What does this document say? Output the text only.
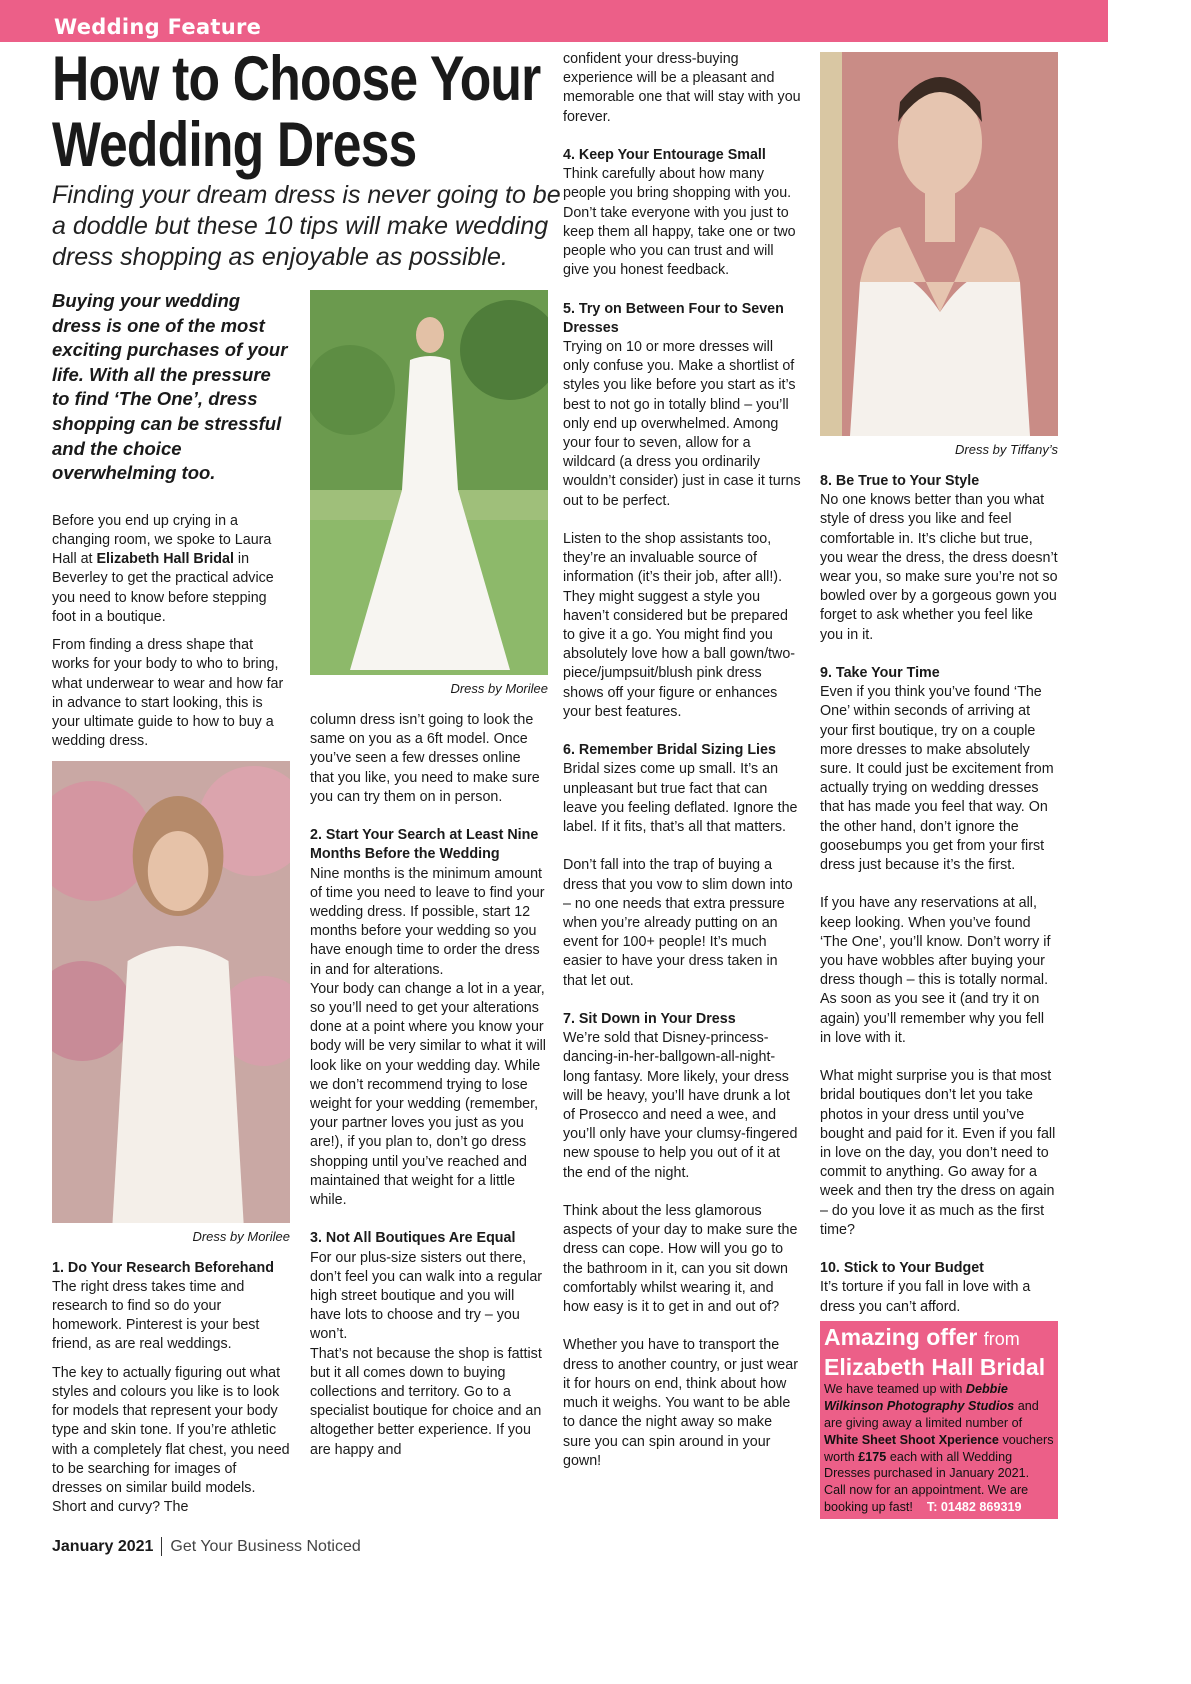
Wedding Feature
How to Choose Your
Wedding Dress
Finding your dream dress is never going to be a doddle but these 10 tips will make wedding dress shopping as enjoyable as possible.

Buying your wedding dress is one of the most exciting purchases of your life. With all the pressure to find ‘The One’, dress shopping can be stressful and the choice overwhelming too.

Before you end up crying in a changing room, we spoke to Laura Hall at Elizabeth Hall Bridal in Beverley to get the practical advice you need to know before stepping foot in a boutique.

From finding a dress shape that works for your body to who to bring, what underwear to wear and how far in advance to start looking, this is your ultimate guide to how to buy a wedding dress.

Dress by Morilee
1. Do Your Research Beforehand

The right dress takes time and research to find so do your homework. Pinterest is your best friend, as are real weddings.

The key to actually figuring out what styles and colours you like is to look for models that represent your body type and skin tone. If you’re athletic with a completely flat chest, you need to be searching for images of dresses on similar build models. Short and curvy? The

Dress by Morilee

column dress isn’t going to look the same on you as a 6ft model. Once you’ve seen a few dresses online that you like, you need to make sure you can try them on in person.

2. Start Your Search at Least Nine Months Before the Wedding

Nine months is the minimum amount of time you need to leave to find your wedding dress. If possible, start 12 months before your wedding so you have enough time to order the dress in and for alterations.

Your body can change a lot in a year, so you’ll need to get your alterations done at a point where you know your body will be very similar to what it will look like on your wedding day. While we don’t recommend trying to lose weight for your wedding (remember, your partner loves you just as you are!), if you plan to, don’t go dress shopping until you’ve reached and maintained that weight for a little while.

3. Not All Boutiques Are Equal

For our plus-size sisters out there, don’t feel you can walk into a regular high street boutique and you will have lots to choose and try – you won’t.

That’s not because the shop is fattist but it all comes down to buying collections and territory. Go to a specialist boutique for choice and an altogether better experience. If you are happy and

confident your dress-buying experience will be a pleasant and memorable one that will stay with you forever.

4. Keep Your Entourage Small

Think carefully about how many people you bring shopping with you. Don’t take everyone with you just to keep them all happy, take one or two people who you can trust and will give you honest feedback.

5. Try on Between Four to Seven Dresses

Trying on 10 or more dresses will only confuse you. Make a shortlist of styles you like before you start as it’s best to not go in totally blind – you’ll only end up overwhelmed. Among your four to seven, allow for a wildcard (a dress you ordinarily wouldn’t consider) just in case it turns out to be perfect.

Listen to the shop assistants too, they’re an invaluable source of information (it’s their job, after all!). They might suggest a style you haven’t considered but be prepared to give it a go. You might find you absolutely love how a ball gown/two-piece/jumpsuit/blush pink dress shows off your figure or enhances your best features.

6. Remember Bridal Sizing Lies

Bridal sizes come up small. It’s an unpleasant but true fact that can leave you feeling deflated. Ignore the label. If it fits, that’s all that matters.

Don’t fall into the trap of buying a dress that you vow to slim down into – no one needs that extra pressure when you’re already putting on an event for 100+ people! It’s much easier to have your dress taken in that let out.

7. Sit Down in Your Dress

We’re sold that Disney-princess-dancing-in-her-ballgown-all-night-long fantasy. More likely, your dress will be heavy, you’ll have drunk a lot of Prosecco and need a wee, and you’ll only have your clumsy-fingered new spouse to help you out of it at the end of the night.

Think about the less glamorous aspects of your day to make sure the dress can cope. How will you go to the bathroom in it, can you sit down comfortably whilst wearing it, and how easy is it to get in and out of?

Whether you have to transport the dress to another country, or just wear it for hours on end, think about how much it weighs. You want to be able to dance the night away so make sure you can spin around in your gown!

Dress by Tiffany’s
8. Be True to Your Style

No one knows better than you what style of dress you like and feel comfortable in. It’s cliche but true, you wear the dress, the dress doesn’t wear you, so make sure you’re not so bowled over by a gorgeous gown you forget to ask whether you feel like you in it.

9. Take Your Time

Even if you think you’ve found ‘The One’ within seconds of arriving at your first boutique, try on a couple more dresses to make absolutely sure. It could just be excitement from actually trying on wedding dresses that has made you feel that way. On the other hand, don’t ignore the goosebumps you get from your first dress just because it’s the first.

If you have any reservations at all, keep looking. When you’ve found ‘The One’, you’ll know. Don’t worry if you have wobbles after buying your dress though – this is totally normal. As soon as you see it (and try it on again) you’ll remember why you fell in love with it.

What might surprise you is that most bridal boutiques don’t let you take photos in your dress until you’ve bought and paid for it. Even if you fall in love on the day, you don’t need to commit to anything. Go away for a week and then try the dress on again – do you love it as much as the first time?

10. Stick to Your Budget

It’s torture if you fall in love with a dress you can’t afford.

Amazing offer from
Elizabeth Hall Bridal

We have teamed up with Debbie Wilkinson Photography Studios and are giving away a limited number of White Sheet Shoot Xperience vouchers worth £175 each with all Wedding Dresses purchased in January 2021. Call now for an appointment. We are booking up fast! T: 01482 869319

January 2021 Get Your Business Noticed
